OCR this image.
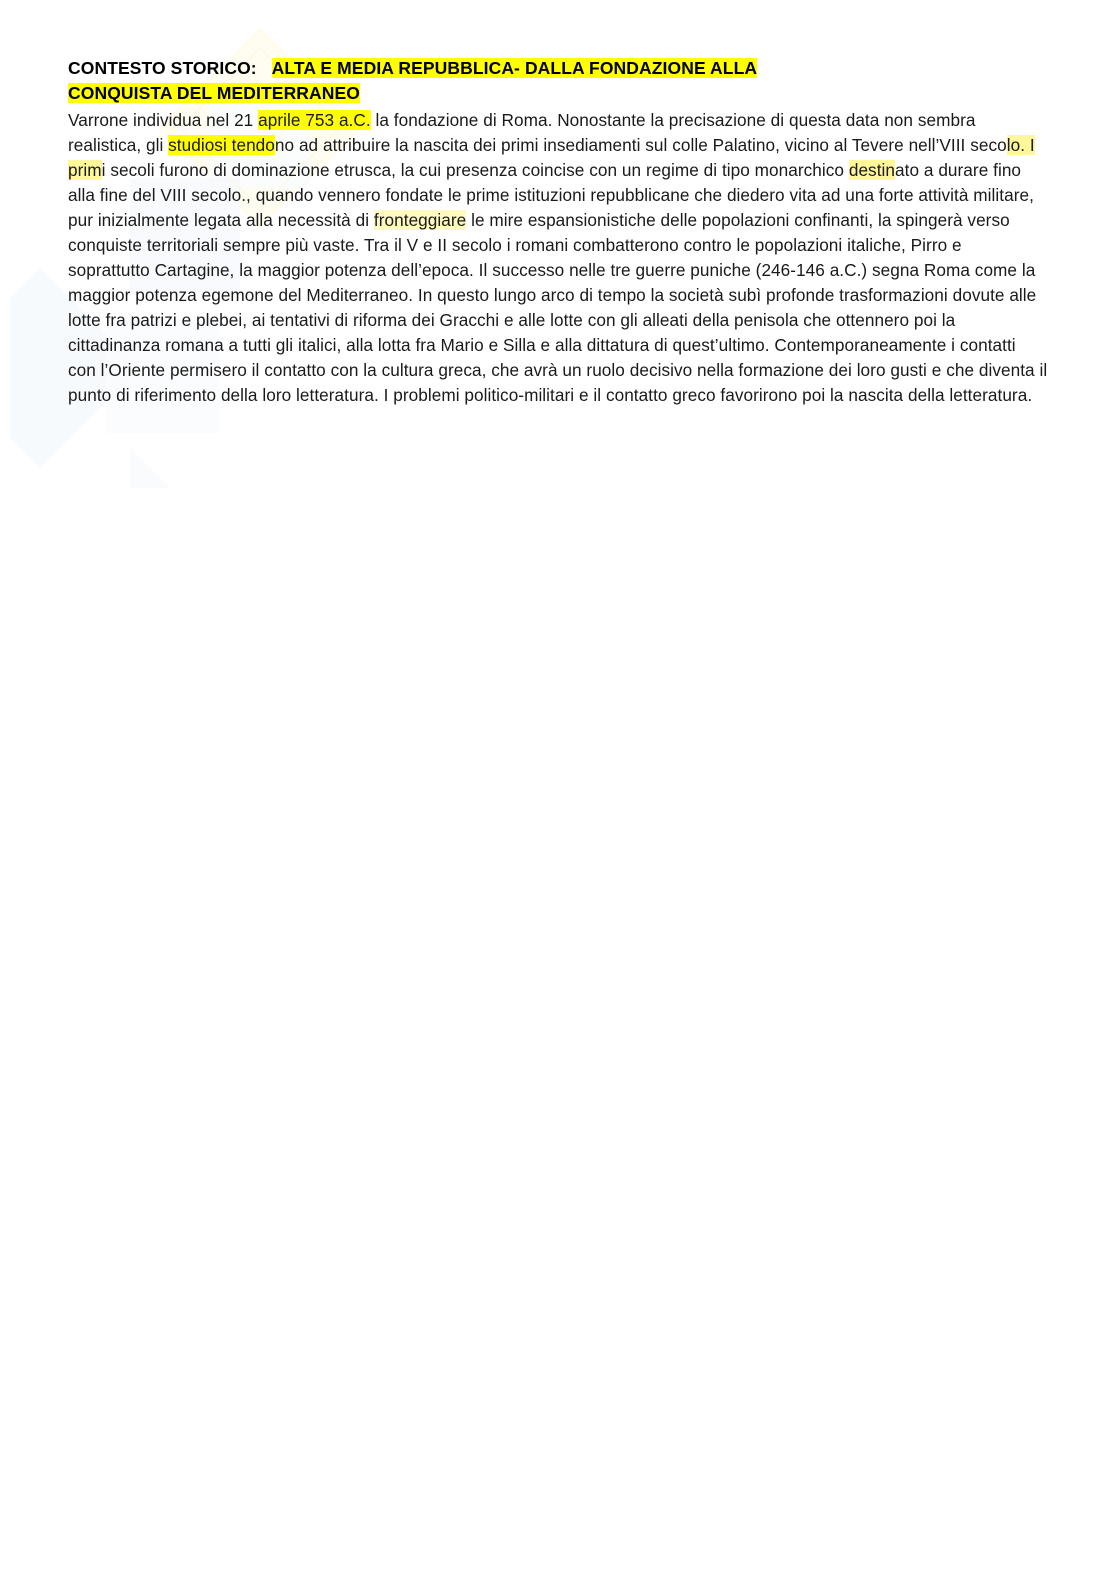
CONTESTO STORICO: ALTA E MEDIA REPUBBLICA- DALLA FONDAZIONE ALLA
CONQUISTA DEL MEDITERRANEO

Varrone individua nel 21 aprile 753 a.C. la fondazione di Roma. Nonostante la precisazione di questa data non sembra realistica, gli studiosi tendono ad attribuire la nascita dei primi insediamenti sul colle Palatino, vicino al Tevere nell’VIII secolo. I primi secoli furono di dominazione etrusca, la cui presenza coincise con un regime di tipo monarchico destinato a durare fino alla fine del VIII secolo., quando vennero fondate le prime istituzioni repubblicane che diedero vita ad una forte attività militare, pur inizialmente legata alla necessità di fronteggiare le mire espansionistiche delle popolazioni confinanti, la spingerà verso conquiste territoriali sempre più vaste. Tra il V e II secolo i romani combatterono contro le popolazioni italiche, Pirro e soprattutto Cartagine, la maggior potenza dell’epoca. Il successo nelle tre guerre puniche (246-146 a.C.) segna Roma come la maggior potenza egemone del Mediterraneo. In questo lungo arco di tempo la società subì profonde trasformazioni dovute alle lotte fra patrizi e plebei, ai tentativi di riforma dei Gracchi e alle lotte con gli alleati della penisola che ottennero poi la cittadinanza romana a tutti gli italici, alla lotta fra Mario e Silla e alla dittatura di quest’ultimo. Contemporaneamente i contatti con l’Oriente permisero il contatto con la cultura greca, che avrà un ruolo decisivo nella formazione dei loro gusti e che diventa il punto di riferimento della loro letteratura. I problemi politico-militari e il contatto greco favorirono poi la nascita della letteratura.
